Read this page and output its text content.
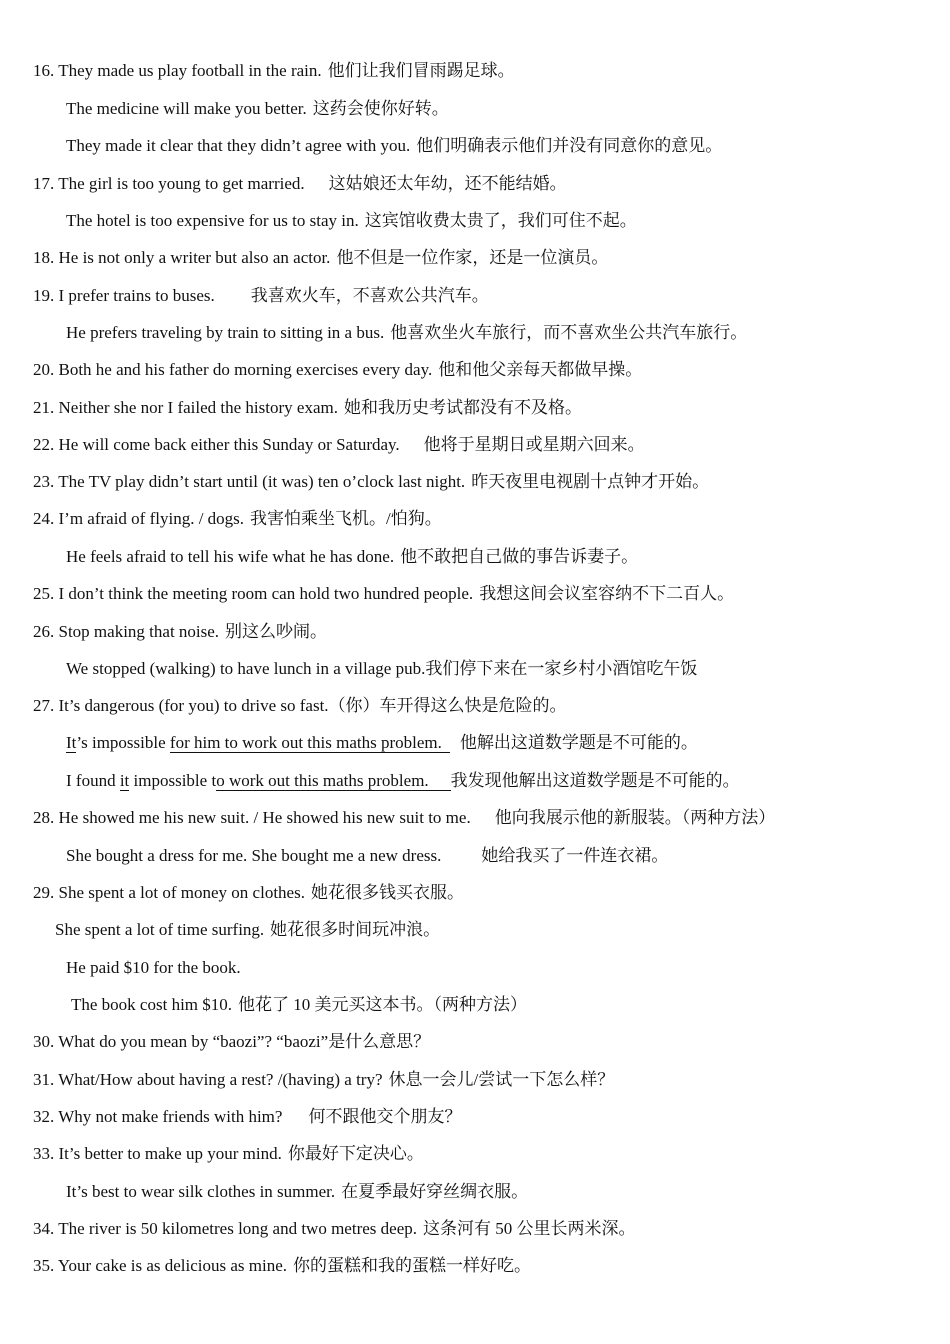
16. They made us play football in the rain. 他们让我们冒雨踢足球。
The medicine will make you better. 这药会使你好转。
They made it clear that they didn’t agree with you. 他们明确表示他们并没有同意你的意见。
17. The girl is too young to get married. 这姑娘还太年幼，还不能结婚。
The hotel is too expensive for us to stay in. 这宾馆收费太贵了，我们可住不起。
18. He is not only a writer but also an actor. 他不但是一位作家，还是一位演员。
19. I prefer trains to buses. 我喜欢火车，不喜欢公共汽车。
He prefers traveling by train to sitting in a bus. 他喜欢坐火车旅行，而不喜欢坐公共汽车旅行。
20. Both he and his father do morning exercises every day. 他和他父亲每天都做早操。
21. Neither she nor I failed the history exam. 她和我历史考试都没有不及格。
22. He will come back either this Sunday or Saturday. 他将于星期日或星期六回来。
23. The TV play didn’t start until (it was) ten o’clock last night. 昨天夜里电视剧十点钟才开始。
24. I’m afraid of flying. / dogs. 我害怕乘坐飞机。/怕狗。
He feels afraid to tell his wife what he has done. 他不敢把自己做的事告诉妻子。
25. I don’t think the meeting room can hold two hundred people. 我想这间会议室容纳不下二百人。
26. Stop making that noise. 别这么吵闹。
We stopped (walking) to have lunch in a village pub.我们停下来在一家乡村小酒馆吃午饭
27. It’s dangerous (for you) to drive so fast.（你）车开得这么快是危险的。
It’s impossible for him to work out this maths problem. 他解出这道数学题是不可能的。
I found it impossible to work out this maths problem. 我发现他解出这道数学题是不可能的。
28. He showed me his new suit. / He showed his new suit to me. 他向我展示他的新服装。（两种方法）
She bought a dress for me. She bought me a new dress. 她给我买了一件连衣裙。
29. She spent a lot of money on clothes. 她花很多钱买衣服。
She spent a lot of time surfing. 她花很多时间玩冲浪。
He paid $10 for the book.
The book cost him $10. 他花了 10 美元买这本书。（两种方法）
30. What do you mean by “baozi”? “baozi”是什么意思？
31. What/How about having a rest? /(having) a try? 休息一会儿/尝试一下怎么样？
32. Why not make friends with him? 何不跟他交个朋友？
33. It’s better to make up your mind. 你最好下定决心。
It’s best to wear silk clothes in summer. 在夏季最好穿丝绸衣服。
34. The river is 50 kilometres long and two metres deep. 这条河有 50 公里长两米深。
35. Your cake is as delicious as mine. 你的蛋糕和我的蛋糕一样好吃。
